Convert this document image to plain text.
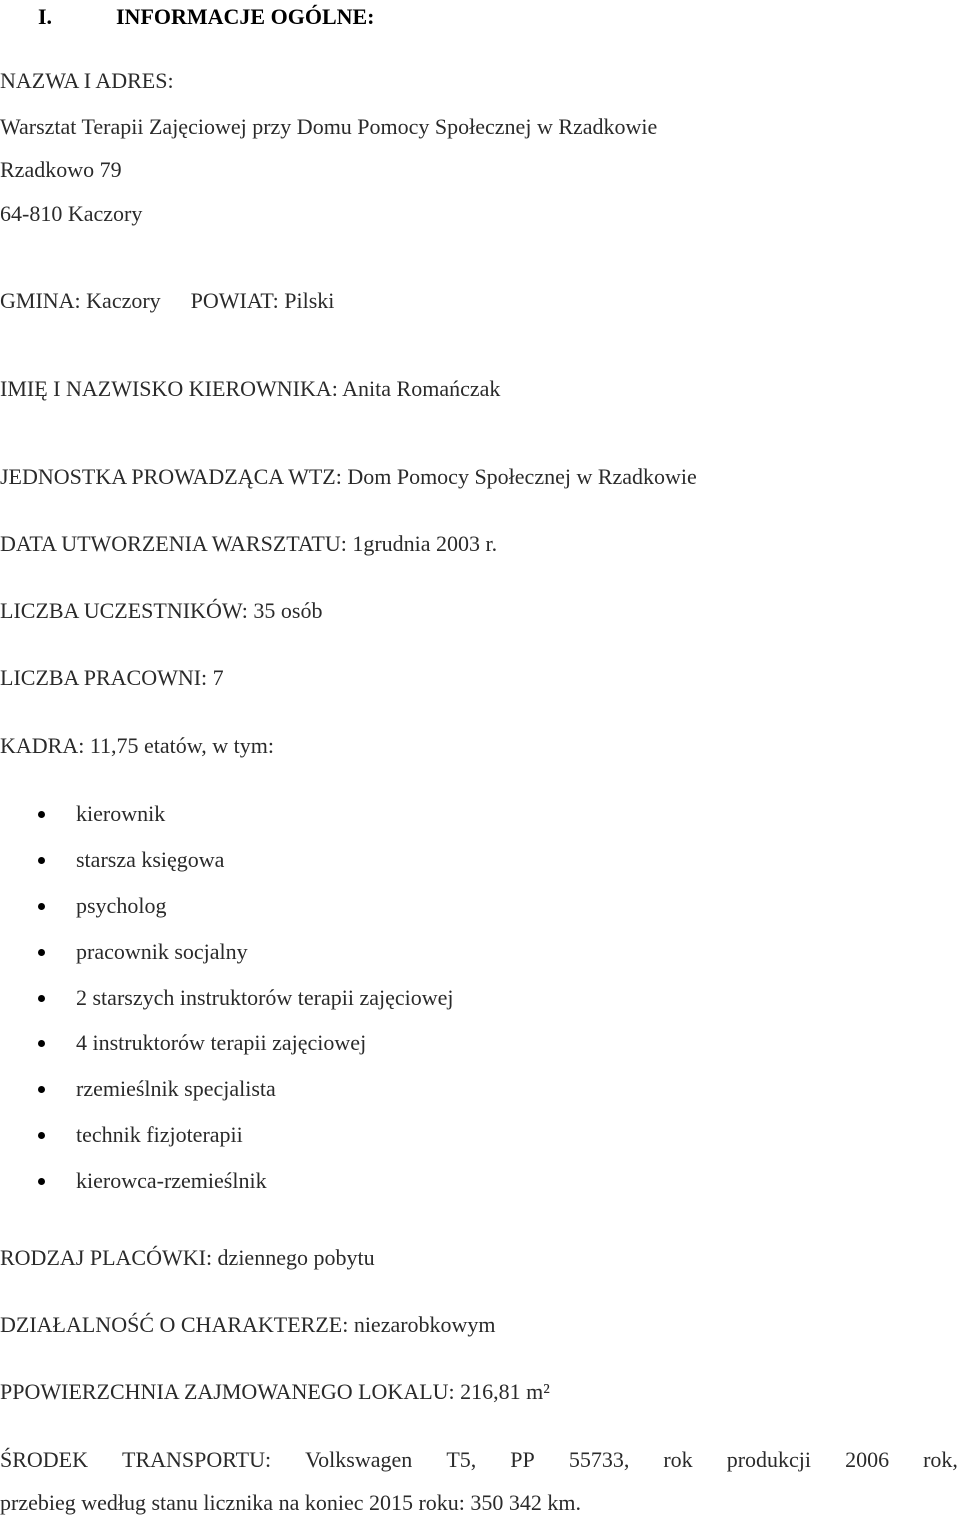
I.	INFORMACJE OGÓLNE:
NAZWA I ADRES:
Warsztat Terapii Zajęciowej przy Domu Pomocy Społecznej w Rzadkowie
Rzadkowo 79
64-810 Kaczory
GMINA: Kaczory POWIAT: Pilski
IMIĘ I NAZWISKO KIEROWNIKA: Anita Romańczak
JEDNOSTKA PROWADZĄCA WTZ: Dom Pomocy Społecznej w Rzadkowie
DATA UTWORZENIA WARSZTATU: 1grudnia 2003 r.
LICZBA UCZESTNIKÓW: 35 osób
LICZBA PRACOWNI: 7
KADRA: 11,75 etatów, w tym:
kierownik
starsza księgowa
psycholog
pracownik socjalny
2 starszych instruktorów terapii zajęciowej
4 instruktorów terapii zajęciowej
rzemieślnik specjalista
technik fizjoterapii
kierowca-rzemieślnik
RODZAJ PLACÓWKI: dziennego pobytu
DZIAŁALNOŚĆ O CHARAKTERZE: niezarobkowym
PPOWIERZCHNIA ZAJMOWANEGO LOKALU: 216,81 m²
ŚRODEK TRANSPORTU: Volkswagen T5, PP 55733, rok produkcji 2006 rok,
przebieg według stanu licznika na koniec 2015 roku: 350 342 km.
